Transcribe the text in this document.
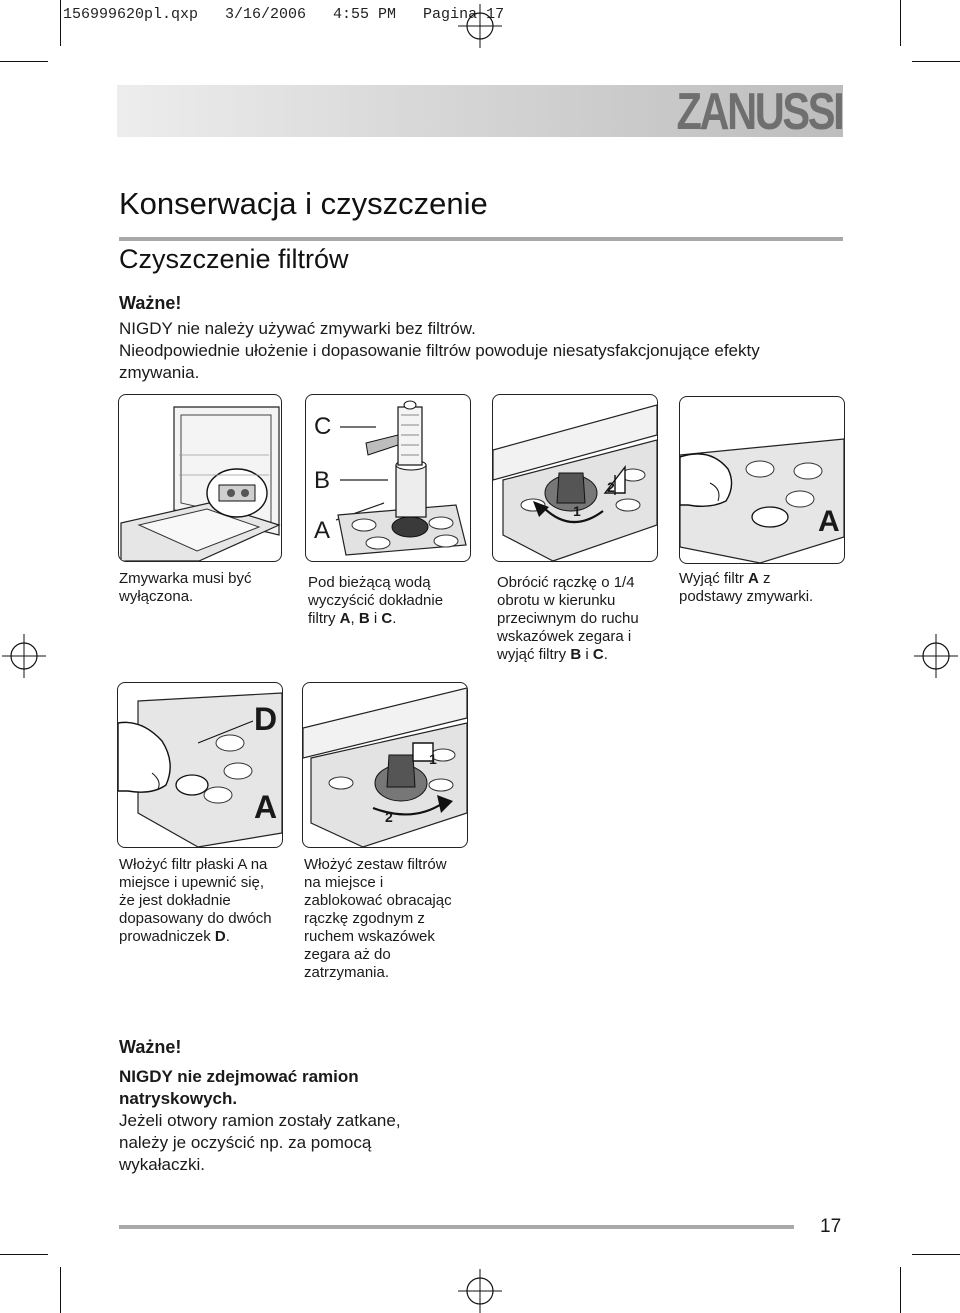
156999620pl.qxp   3/16/2006   4:55 PM   Pagina 17
ZANUSSI
Konserwacja i czyszczenie
Czyszczenie filtrów
Ważne!
NIGDY nie należy używać zmywarki bez filtrów.
Nieodpowiednie ułożenie i dopasowanie filtrów powoduje niesatysfakcjonujące efekty
zmywania.
C
B
A
1
2
A
Zmywarka musi być
wyłączona.
Pod bieżącą wodą
wyczyścić dokładnie
filtry A, B i C.
Obrócić rączkę o 1/4
obrotu w kierunku
przeciwnym do ruchu
wskazówek zegara i
wyjąć filtry B i C.
Wyjąć filtr A z
podstawy zmywarki.
D
A
1
2
Włożyć filtr płaski A na
miejsce i upewnić się,
że jest dokładnie
dopasowany do dwóch
prowadniczek D.
Włożyć zestaw filtrów
na miejsce i
zablokować obracając
rączkę zgodnym z
ruchem wskazówek
zegara aż do
zatrzymania.
Ważne!
NIGDY nie zdejmować ramion natryskowych.
Jeżeli otwory ramion zostały zatkane, należy je oczyścić np. za pomocą wykałaczki.
17
